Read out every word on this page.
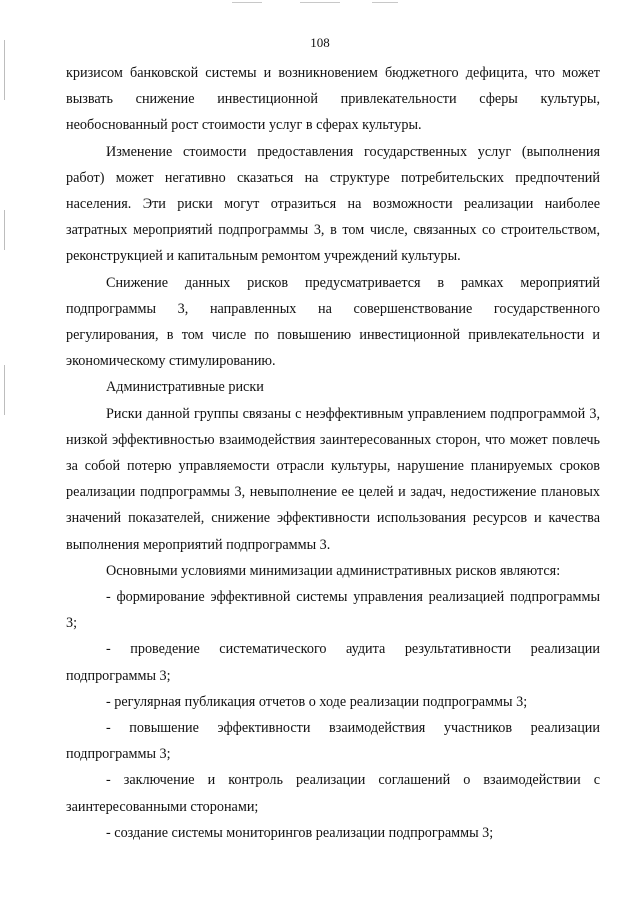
108

кризисом банковской системы и возникновением бюджетного дефицита, что может вызвать снижение инвестиционной привлекательности сферы культуры, необоснованный рост стоимости услуг в сферах культуры.

Изменение стоимости предоставления государственных услуг (выполнения работ) может негативно сказаться на структуре потребительских предпочтений населения. Эти риски могут отразиться на возможности реализации наиболее затратных мероприятий подпрограммы 3, в том числе, связанных со строительством, реконструкцией и капитальным ремонтом учреждений культуры.

Снижение данных рисков предусматривается в рамках мероприятий подпрограммы 3, направленных на совершенствование государственного регулирования, в том числе по повышению инвестиционной привлекательности и экономическому стимулированию.

Административные риски

Риски данной группы связаны с неэффективным управлением подпрограммой 3, низкой эффективностью взаимодействия заинтересованных сторон, что может повлечь за собой потерю управляемости отрасли культуры, нарушение планируемых сроков реализации подпрограммы 3, невыполнение ее целей и задач, недостижение плановых значений показателей, снижение эффективности использования ресурсов и качества выполнения мероприятий подпрограммы 3.

Основными условиями минимизации административных рисков являются:

- формирование эффективной системы управления реализацией подпрограммы 3;

- проведение систематического аудита результативности реализации подпрограммы 3;

- регулярная публикация отчетов о ходе реализации подпрограммы 3;

- повышение эффективности взаимодействия участников реализации подпрограммы 3;

- заключение и контроль реализации соглашений о взаимодействии с заинтересованными сторонами;

- создание системы мониторингов реализации подпрограммы 3;
